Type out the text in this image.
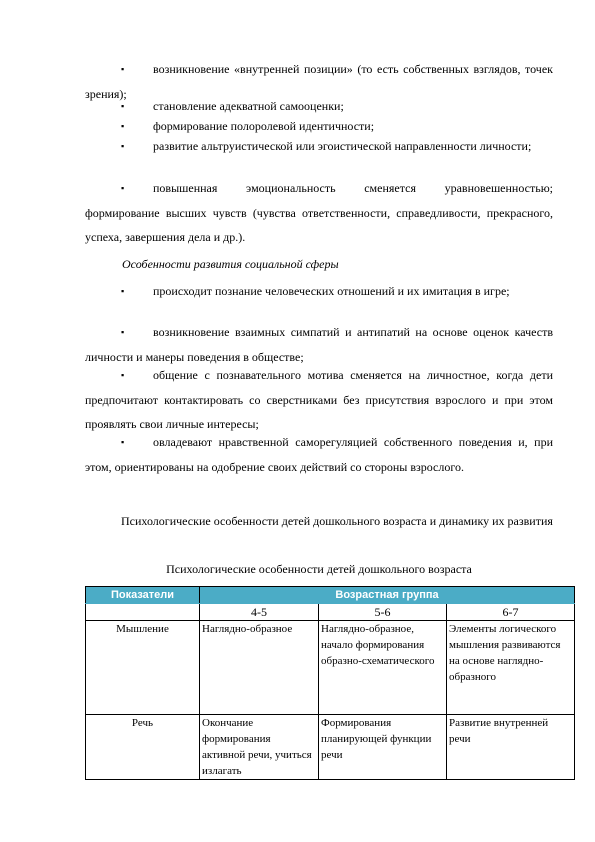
▪	возникновение «внутренней позиции» (то есть собственных взглядов, точек зрения);
▪	становление адекватной самооценки;
▪	формирование полоролевой идентичности;
▪	развитие альтруистической или эгоистической направленности личности;
▪	повышенная эмоциональность сменяется уравновешенностью; формирование высших чувств (чувства ответственности, справедливости, прекрасного, успеха, завершения дела и др.).
Особенности развития социальной сферы
▪	происходит познание человеческих отношений и их имитация в игре;
▪	возникновение взаимных симпатий и антипатий на основе оценок качеств личности и манеры поведения в обществе;
▪	общение с познавательного мотива сменяется на личностное, когда дети предпочитают контактировать со сверстниками без присутствия взрослого и при этом проявлять свои личные интересы;
▪	овладевают нравственной саморегуляцией собственного поведения и, при этом, ориентированы на одобрение своих действий со стороны взрослого.
Психологические особенности детей дошкольного возраста и динамику их развития
Психологические особенности детей дошкольного возраста
Показатели	Возрастная группа		
	4-5	5-6	6-7
Мышление	Наглядно-образное	Наглядно-образное, начало формирования образно-схематического	Элементы логического мышления развиваются на основе наглядно-образного
Речь	Окончание формирования активной речи, учиться излагать	Формирования планирующей функции речи	Развитие внутренней речи
